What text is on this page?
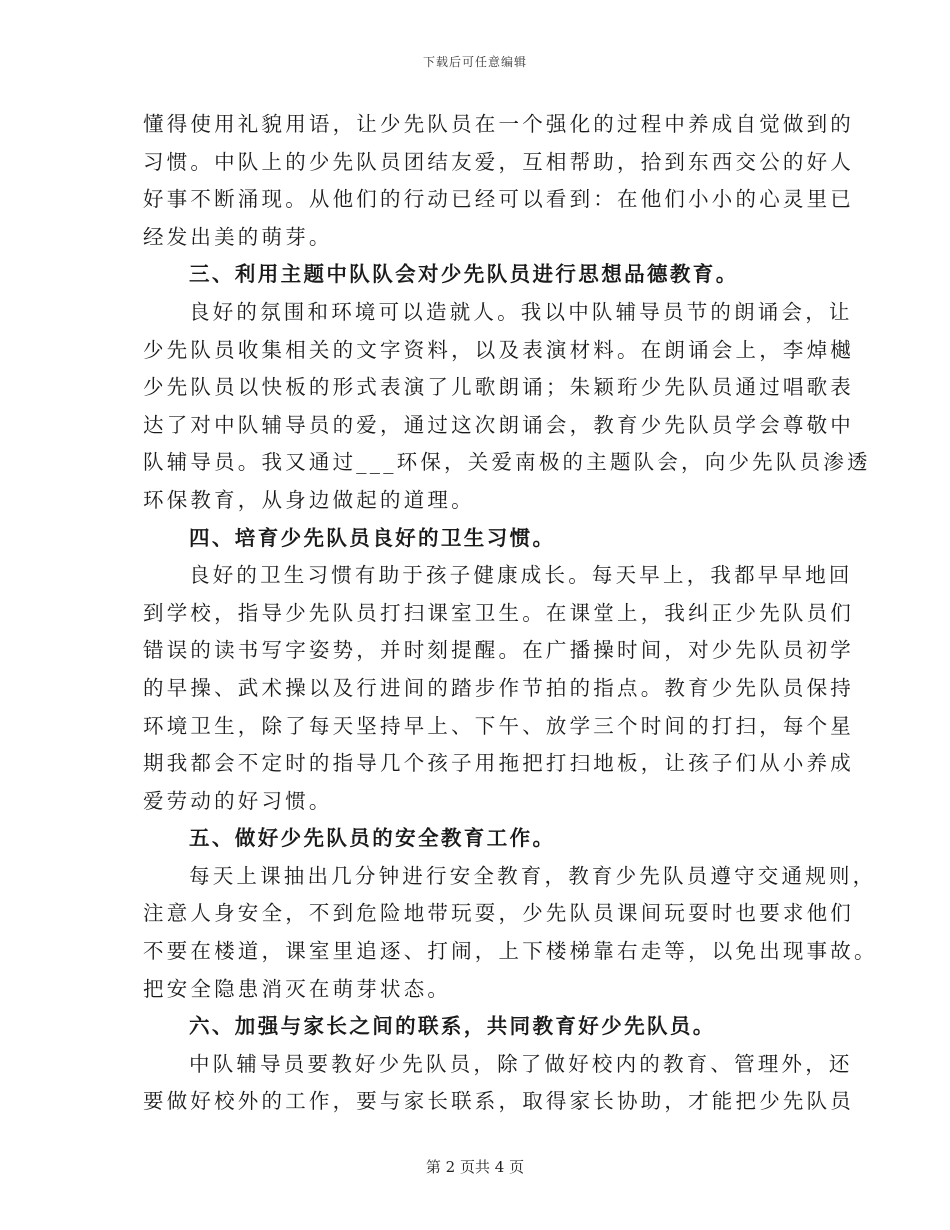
下载后可任意编辑
懂得使用礼貌用语，让少先队员在一个强化的过程中养成自觉做到的
习惯。中队上的少先队员团结友爱，互相帮助，拾到东西交公的好人
好事不断涌现。从他们的行动已经可以看到：在他们小小的心灵里已
经发出美的萌芽。
三、利用主题中队队会对少先队员进行思想品德教育。
良好的氛围和环境可以造就人。我以中队辅导员节的朗诵会，让
少先队员收集相关的文字资料，以及表演材料。在朗诵会上，李焯樾
少先队员以快板的形式表演了儿歌朗诵；朱颖珩少先队员通过唱歌表
达了对中队辅导员的爱，通过这次朗诵会，教育少先队员学会尊敬中
队辅导员。我又通过___环保，关爱南极的主题队会，向少先队员渗透
环保教育，从身边做起的道理。
四、培育少先队员良好的卫生习惯。
良好的卫生习惯有助于孩子健康成长。每天早上，我都早早地回
到学校，指导少先队员打扫课室卫生。在课堂上，我纠正少先队员们
错误的读书写字姿势，并时刻提醒。在广播操时间，对少先队员初学
的早操、武术操以及行进间的踏步作节拍的指点。教育少先队员保持
环境卫生，除了每天坚持早上、下午、放学三个时间的打扫，每个星
期我都会不定时的指导几个孩子用拖把打扫地板，让孩子们从小养成
爱劳动的好习惯。
五、做好少先队员的安全教育工作。
每天上课抽出几分钟进行安全教育，教育少先队员遵守交通规则，
注意人身安全，不到危险地带玩耍，少先队员课间玩耍时也要求他们
不要在楼道，课室里追逐、打闹，上下楼梯靠右走等，以免出现事故。
把安全隐患消灭在萌芽状态。
六、加强与家长之间的联系，共同教育好少先队员。
中队辅导员要教好少先队员，除了做好校内的教育、管理外，还
要做好校外的工作，要与家长联系，取得家长协助，才能把少先队员
第 2 页共 4 页
